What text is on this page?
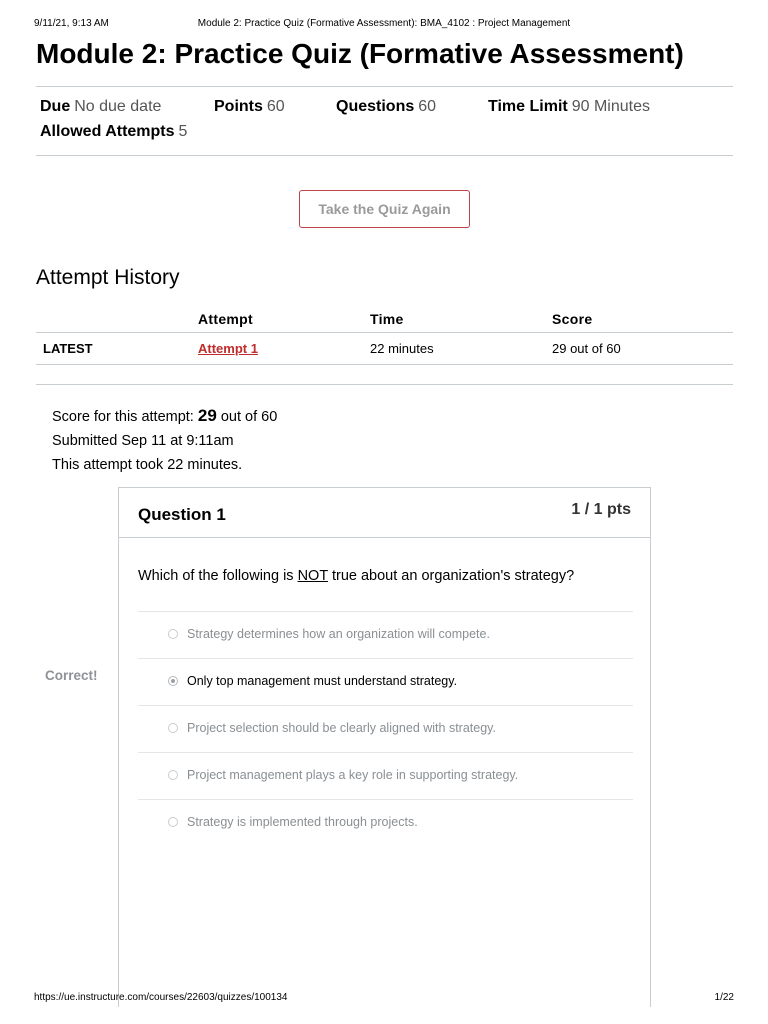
9/11/21, 9:13 AM	Module 2: Practice Quiz (Formative Assessment): BMA_4102 : Project Management
Module 2: Practice Quiz (Formative Assessment)
Due No due date	Points 60	Questions 60	Time Limit 90 Minutes
Allowed Attempts 5
Take the Quiz Again
Attempt History
	Attempt	Time	Score
LATEST	Attempt 1	22 minutes	29 out of 60
Score for this attempt: 29 out of 60
Submitted Sep 11 at 9:11am
This attempt took 22 minutes.
Correct!
Question 1	1 / 1 pts
Which of the following is NOT true about an organization's strategy?
Strategy determines how an organization will compete.
Only top management must understand strategy.
Project selection should be clearly aligned with strategy.
Project management plays a key role in supporting strategy.
Strategy is implemented through projects.
https://ue.instructure.com/courses/22603/quizzes/100134	1/22
